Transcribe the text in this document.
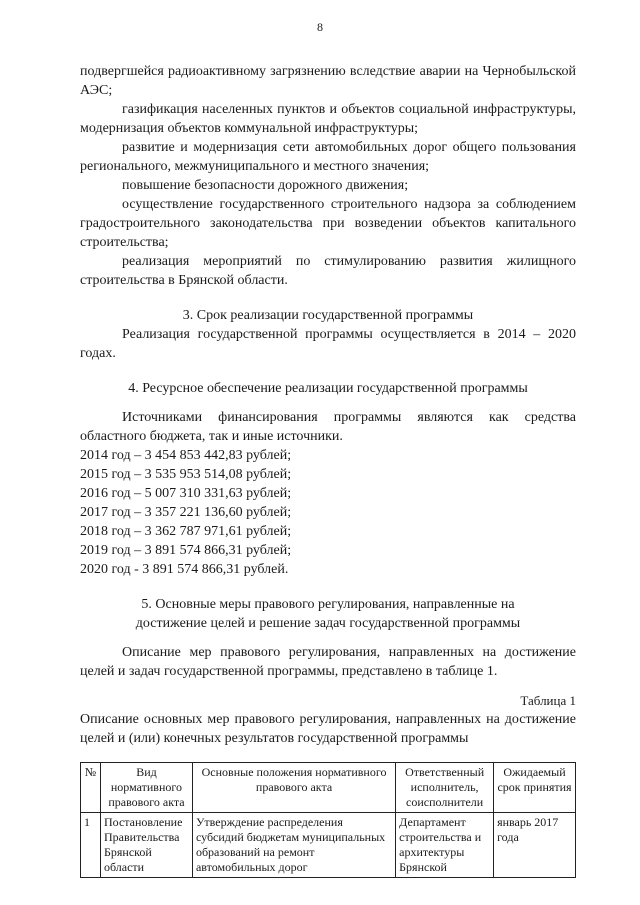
8

подвергшейся радиоактивному загрязнению вследствие аварии на Чернобыльской АЭС;

газификация населенных пунктов и объектов социальной инфраструктуры, модернизация объектов коммунальной инфраструктуры;

развитие и модернизация сети автомобильных дорог общего пользования регионального, межмуниципального и местного значения;

повышение безопасности дорожного движения;

осуществление государственного строительного надзора за соблюдением градостроительного законодательства при возведении объектов капитального строительства;

реализация мероприятий по стимулированию развития жилищного строительства в Брянской области.

3. Срок реализации государственной программы

Реализация государственной программы осуществляется в 2014 – 2020 годах.

4. Ресурсное обеспечение реализации государственной программы

Источниками финансирования программы являются как средства областного бюджета, так и иные источники.

2014 год – 3 454 853 442,83 рублей;

2015 год – 3 535 953 514,08 рублей;

2016 год – 5 007 310 331,63 рублей;

2017 год – 3 357 221 136,60 рублей;

2018 год – 3 362 787 971,61 рублей;

2019 год – 3 891 574 866,31 рублей;

2020 год - 3 891 574 866,31 рублей.

5. Основные меры правового регулирования, направленные на

достижение целей и решение задач государственной программы

Описание мер правового регулирования, направленных на достижение целей и задач государственной программы, представлено в таблице 1.

Таблица 1

Описание основных мер правового регулирования, направленных на достижение целей и (или) конечных результатов государственной программы

№	Вид нормативного правового акта	Основные положения нормативного правового акта	Ответственный исполнитель, соисполнители	Ожидаемый срок принятия
1	Постановление Правительства Брянской области	Утверждение распределения субсидий бюджетам муниципальных образований на ремонт автомобильных дорог	Департамент строительства и архитектуры Брянской	январь 2017 года
